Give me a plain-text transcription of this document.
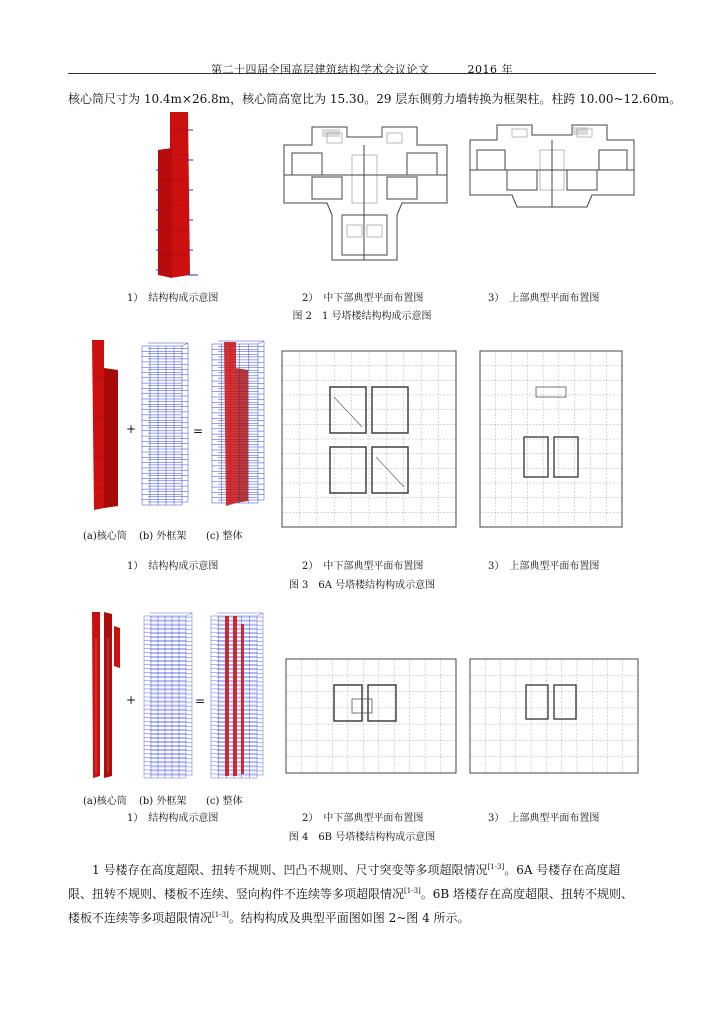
第二十四届全国高层建筑结构学术会议论文	2016 年
核心筒尺寸为 10.4m×26.8m，核心筒高宽比为 15.30。29 层东侧剪力墙转换为框架柱。柱跨 10.00~12.60m。
1）　结构构成示意图	2）　中下部典型平面布置图	3）　上部典型平面布置图
图 2　1 号塔楼结构构成示意图
+	=
(a)核心筒 (b) 外框架 (c) 整体
1）　结构构成示意图	2）　中下部典型平面布置图	3）　上部典型平面布置图
图 3　6A 号塔楼结构构成示意图
+	=
(a)核心筒 (b) 外框架 (c) 整体
1）　结构构成示意图	2）　中下部典型平面布置图	3）　上部典型平面布置图
图 4　6B 号塔楼结构构成示意图
1 号楼存在高度超限、扭转不规则、凹凸不规则、尺寸突变等多项超限情况[1-3]。6A 号楼存在高度超
限、扭转不规则、楼板不连续、竖向构件不连续等多项超限情况[1-3]。6B 塔楼存在高度超限、扭转不规则、
楼板不连续等多项超限情况[1-3]。结构构成及典型平面图如图 2~图 4 所示。
